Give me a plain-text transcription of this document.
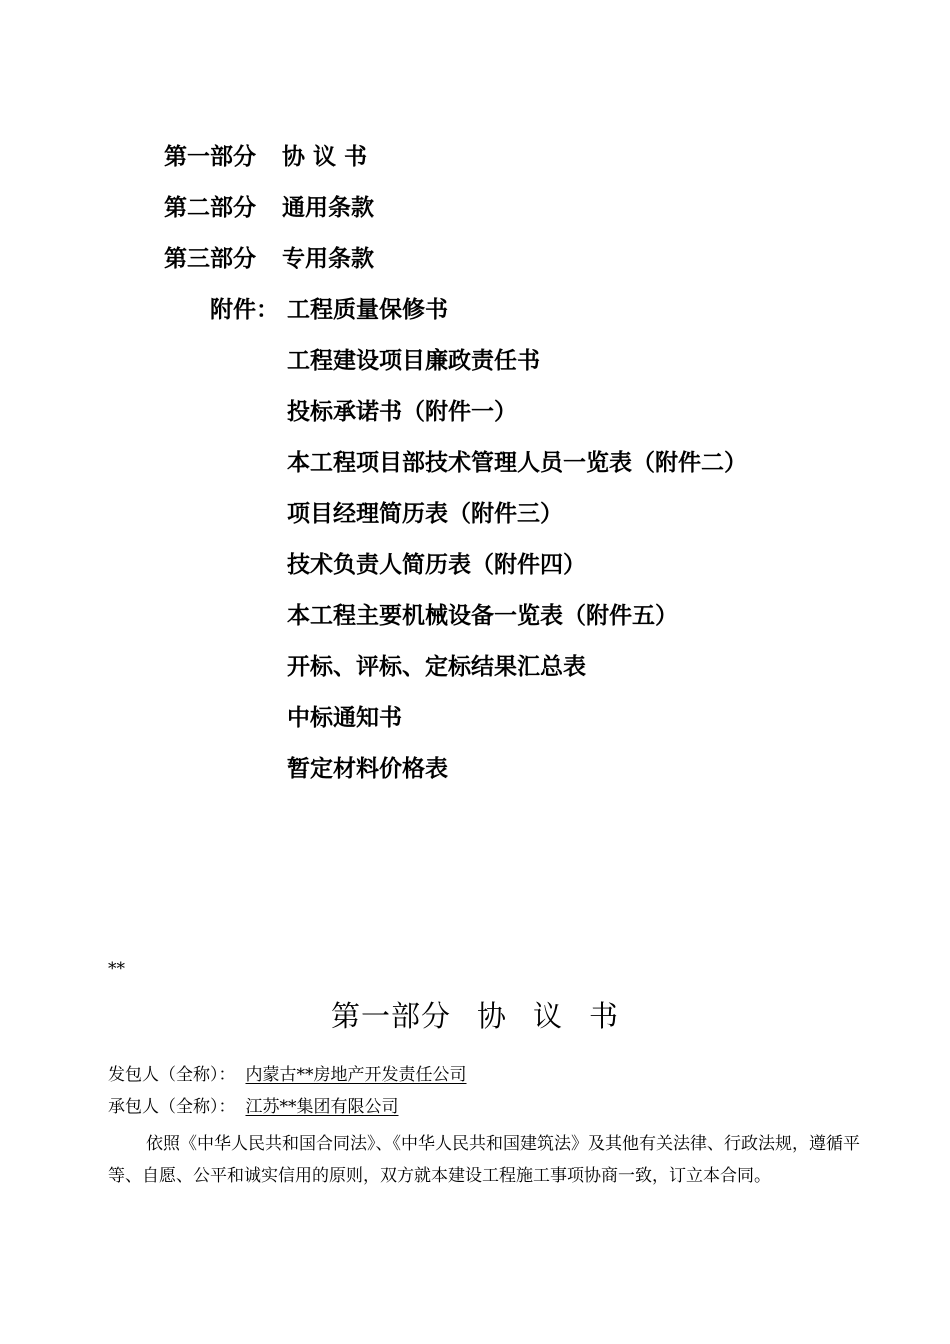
第一部分 协 议 书
第二部分 通用条款
第三部分 专用条款
附件： 工程质量保修书
工程建设项目廉政责任书
投标承诺书（附件一）
本工程项目部技术管理人员一览表（附件二）
项目经理简历表（附件三）
技术负责人简历表（附件四）
本工程主要机械设备一览表（附件五）
开标、评标、定标结果汇总表
中标通知书
暂定材料价格表
**
第一部分 协 议 书
发包人（全称）： 内蒙古**房地产开发责任公司
承包人（全称）： 江苏**集团有限公司
依照《中华人民共和国合同法》、《中华人民共和国建筑法》及其他有关法律、行政法规，遵循平等、自愿、公平和诚实信用的原则，双方就本建设工程施工事项协商一致，订立本合同。
